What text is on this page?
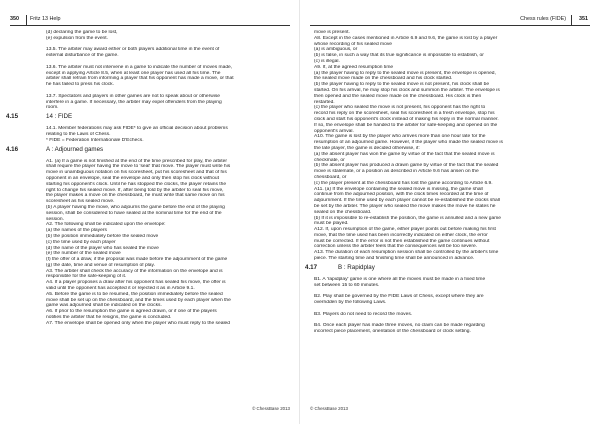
350 Fritz 13 Help
(d) declaring the game to be lost,
(e) expulsion from the event.
13.5. The arbiter may award either or both players additional time in the event of
external disturbance of the game.
13.6. The arbiter must not intervene in a game to indicate the number of moves made,
except in applying Article 8.5, when at least one player has used all his time. The
arbiter shall refrain from informing a player that his opponent has made a move, or that
he has failed to press his clock.
13.7. Spectators and players in other games are not to speak about or otherwise
interfere in a game. If necessary, the arbiter may expel offenders from the playing
room.
4.15	14 : FIDE
14.1. Member federations may ask FIDE* to give an official decision about problems
relating to the Laws of Chess.
* FIDE = Federation Internationale D'Echecs.
4.16	A : Adjourned games
A1. (a) If a game is not finished at the end of the time prescribed for play, the arbiter
shall require the player having the move to 'seal' that move. The player must write his
move in unambiguous notation on his scoresheet, put his scoresheet and that of his
opponent in an envelope, seal the envelope and only then stop his clock without
starting his opponent's clock. Until he has stopped the clocks, the player retains the
right to change his sealed move. If, after being told by the arbiter to seal his move,
the player makes a move on the chessboard, he must write that same move on his
scoresheet as his sealed move.
(b) A player having the move, who adjourns the game before the end of the playing
session, shall be considered to have sealed at the nominal time for the end of the
session.
A2. The following shall be indicated upon the envelope:
(a) the names of the players
(b) the position immediately before the sealed move
(c) the time used by each player
(d) the name of the player who has sealed the move
(e) the number of the sealed move
(f) the offer of a draw, if the proposal was made before the adjournment of the game
(g) the date, time and venue of resumption of play.
A3. The arbiter shall check the accuracy of the information on the envelope and is
responsible for the safe-keeping of it.
A4. If a player proposes a draw after his opponent has sealed his move, the offer is
valid until the opponent has accepted it or rejected it as in Article 9.1.
A5. Before the game is to be resumed, the position immediately before the sealed
move shall be set up on the chessboard, and the times used by each player when the
game was adjourned shall be indicated on the clocks.
A6. If prior to the resumption the game is agreed drawn, or if one of the players
notifies the arbiter that he resigns, the game is concluded.
A7. The envelope shall be opened only when the player who must reply to the sealed
© ChessBase 2013
Chess rules (FIDE) 351
move is present.
A8. Except in the cases mentioned in Article 6.9 and 9.6, the game is lost by a player
whose recording of his sealed move
(a) is ambiguous, or
(b) is false, in such a way that its true significance is impossible to establish, or
(c) is illegal.
A9. If, at the agreed resumption time
(a) the player having to reply to the sealed move is present, the envelope is opened,
the sealed move made on the chessboard and his clock started.
(b) the player having to reply to the sealed move is not present, his clock shall be
started. On his arrival, he may stop his clock and summon the arbiter. The envelope is
then opened and the sealed move made on the chessboard. His clock is then
restarted.
(c) the player who sealed the move is not present, his opponent has the right to
record his reply on the scoresheet, seal his scoresheet in a fresh envelope, stop his
clock and start his opponent's clock instead of making his reply in the normal manner.
If so, the envelope shall be handed to the arbiter for safe-keeping and opened on the
opponent's arrival.
A10. The game is lost by the player who arrives more than one hour late for the
resumption of an adjourned game. However, if the player who made the sealed move is
the late player, the game is decided otherwise, if:
(a) the absent player has won the game by virtue of the fact that the sealed move is
checkmate, or
(b) the absent player has produced a drawn game by virtue of the fact that the sealed
move is stalemate, or a position as described in Article 9.6 has arisen on the
chessboard, or
(c) the player present at the chessboard has lost the game according to Article 6.9.
A11. (a) If the envelope containing the sealed move is missing, the game shall
continue from the adjourned position, with the clock times recorded at the time of
adjournment. If the time used by each player cannot be re-established the clocks shall
be set by the arbiter. The player who sealed the move makes the move he states he
sealed on the chessboard.
(b) If it is impossible to re-establish the position, the game is annulled and a new game
must be played.
A12. If, upon resumption of the game, either player points out before making his first
move, that the time used has been incorrectly indicated on either clock, the error
must be corrected. If the error is not then established the game continues without
correction unless the arbiter feels that the consequences will be too severe.
A13. The duration of each resumption session shall be controlled by the arbiter's time
piece. The starting time and finishing time shall be announced in advance.
4.17	B : Rapidplay
B1. A 'rapidplay' game is one where all the moves must be made in a fixed time
set between 15 to 60 minutes.
B2. Play shall be governed by the FIDE Laws of Chess, except where they are
overridden by the following Laws.
B3. Players do not need to record the moves.
B4. Once each player has made three moves, no claim can be made regarding
incorrect piece placement, orientation of the chessboard or clock setting.
© ChessBase 2013
